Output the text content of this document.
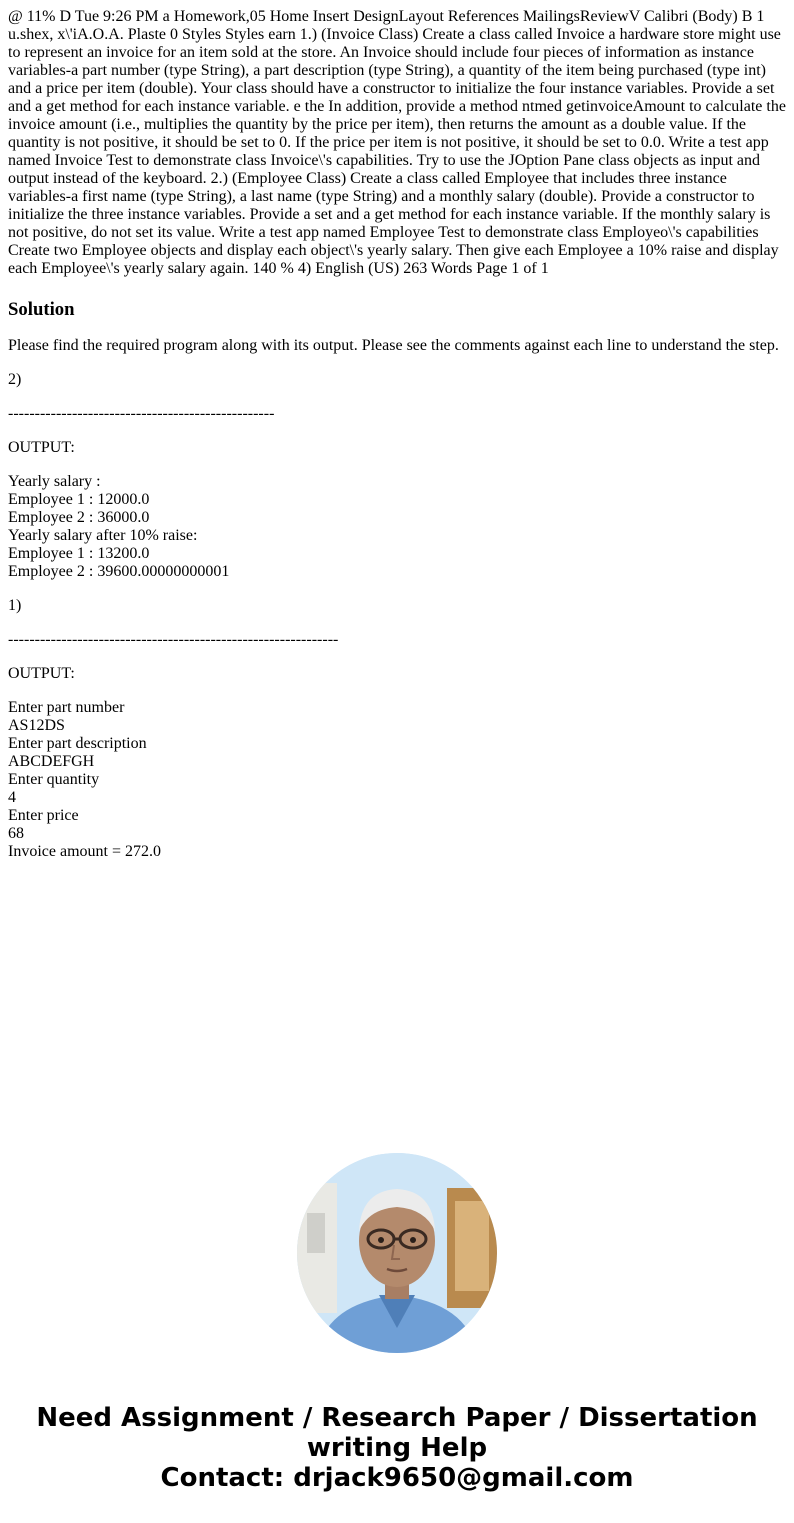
@ 11% D Tue 9:26 PM a Homework,05 Home Insert DesignLayout References MailingsReviewV Calibri (Body) B 1 u.shex, x\'iA.O.A. Plaste 0 Styles Styles earn 1.) (Invoice Class) Create a class called Invoice a hardware store might use to represent an invoice for an item sold at the store. An Invoice should include four pieces of information as instance variables-a part number (type String), a part description (type String), a quantity of the item being purchased (type int) and a price per item (double). Your class should have a constructor to initialize the four instance variables. Provide a set and a get method for each instance variable. e the In addition, provide a method ntmed getinvoiceAmount to calculate the invoice amount (i.e., multiplies the quantity by the price per item), then returns the amount as a double value. If the quantity is not positive, it should be set to 0. If the price per item is not positive, it should be set to 0.0. Write a test app named Invoice Test to demonstrate class Invoice\'s capabilities. Try to use the JOption Pane class objects as input and output instead of the keyboard. 2.) (Employee Class) Create a class called Employee that includes three instance variables-a first name (type String), a last name (type String) and a monthly salary (double). Provide a constructor to initialize the three instance variables. Provide a set and a get method for each instance variable. If the monthly salary is not positive, do not set its value. Write a test app named Employee Test to demonstrate class Employeo\'s capabilities Create two Employee objects and display each object\'s yearly salary. Then give each Employee a 10% raise and display each Employee\'s yearly salary again. 140 % 4) English (US) 263 Words Page 1 of 1
Solution

Please find the required program along with its output. Please see the comments against each line to understand the step.

2)

--------------------------------------------------

OUTPUT:

Yearly salary :
Employee 1 : 12000.0
Employee 2 : 36000.0
Yearly salary after 10% raise:
Employee 1 : 13200.0
Employee 2 : 39600.00000000001

1)

--------------------------------------------------------------

OUTPUT:

Enter part number
AS12DS
Enter part description
ABCDEFGH
Enter quantity
4
Enter price
68
Invoice amount = 272.0
Need Assignment / Research Paper / Dissertation
writing Help
Contact: drjack9650@gmail.com
